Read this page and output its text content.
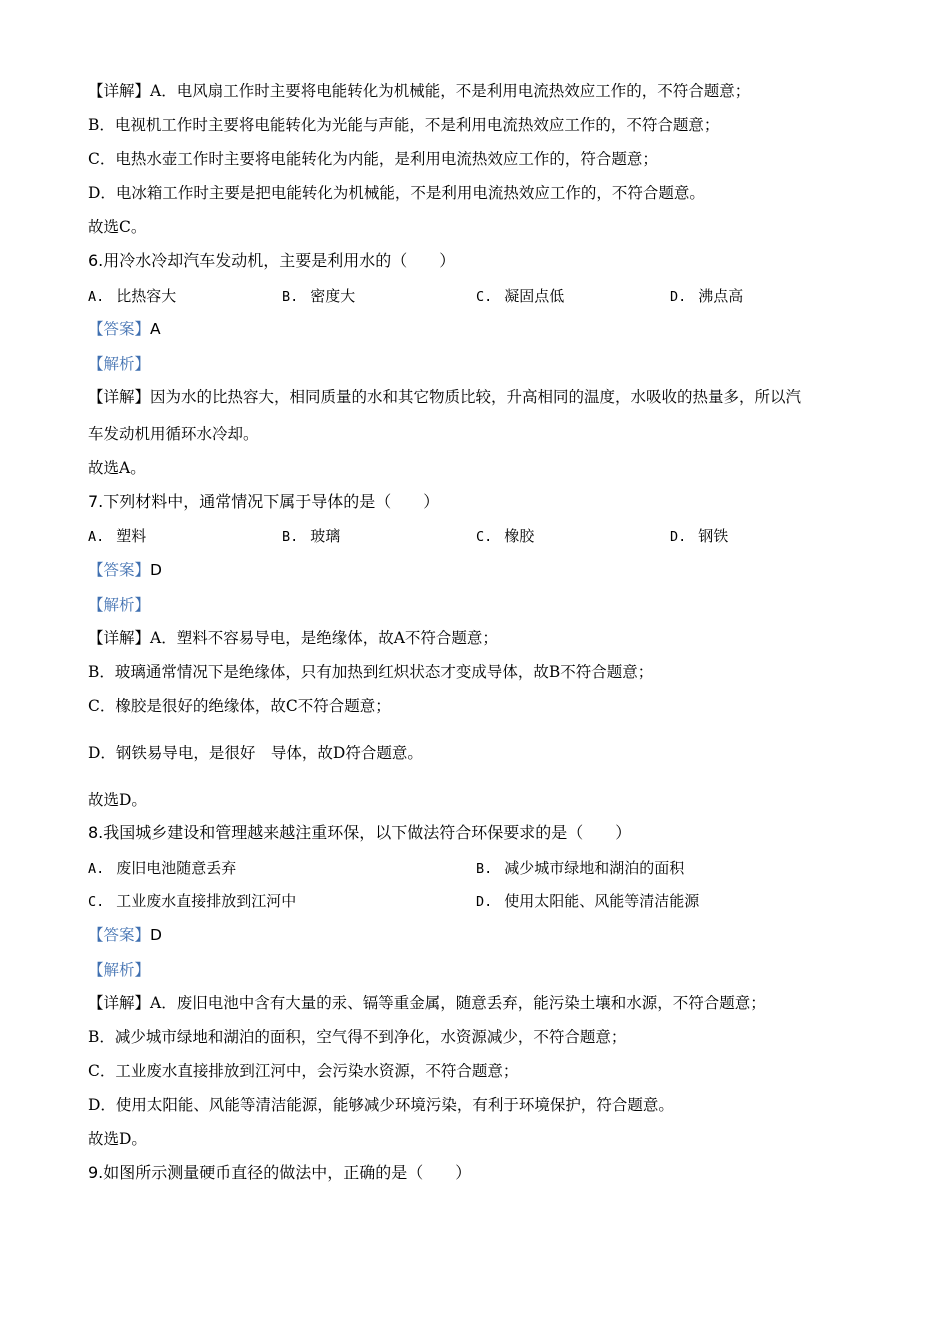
【详解】A．电风扇工作时主要将电能转化为机械能，不是利用电流热效应工作的，不符合题意；
B．电视机工作时主要将电能转化为光能与声能，不是利用电流热效应工作的，不符合题意；
C．电热水壶工作时主要将电能转化为内能，是利用电流热效应工作的，符合题意；
D．电冰箱工作时主要是把电能转化为机械能，不是利用电流热效应工作的，不符合题意。
故选C。
6.用冷水冷却汽车发动机，主要是利用水的（　　）
A. 比热容大	B. 密度大	C. 凝固点低	D. 沸点高
【答案】A
【解析】
【详解】因为水的比热容大，相同质量的水和其它物质比较，升高相同的温度，水吸收的热量多，所以汽
车发动机用循环水冷却。
故选A。
7.下列材料中，通常情况下属于导体的是（　　）
A. 塑料	B. 玻璃	C. 橡胶	D. 钢铁
【答案】D
【解析】
【详解】A．塑料不容易导电，是绝缘体，故A不符合题意；
B．玻璃通常情况下是绝缘体，只有加热到红炽状态才变成导体，故B不符合题意；
C．橡胶是很好的绝缘体，故C不符合题意；
D．钢铁易导电，是很好　导体，故D符合题意。
故选D。
8.我国城乡建设和管理越来越注重环保，以下做法符合环保要求的是（　　）
A. 废旧电池随意丢弃	B. 减少城市绿地和湖泊的面积
C. 工业废水直接排放到江河中	D. 使用太阳能、风能等清洁能源
【答案】D
【解析】
【详解】A．废旧电池中含有大量的汞、镉等重金属，随意丢弃，能污染土壤和水源，不符合题意；
B．减少城市绿地和湖泊的面积，空气得不到净化，水资源减少，不符合题意；
C．工业废水直接排放到江河中，会污染水资源，不符合题意；
D．使用太阳能、风能等清洁能源，能够减少环境污染，有利于环境保护，符合题意。
故选D。
9.如图所示测量硬币直径的做法中，正确的是（　　）
